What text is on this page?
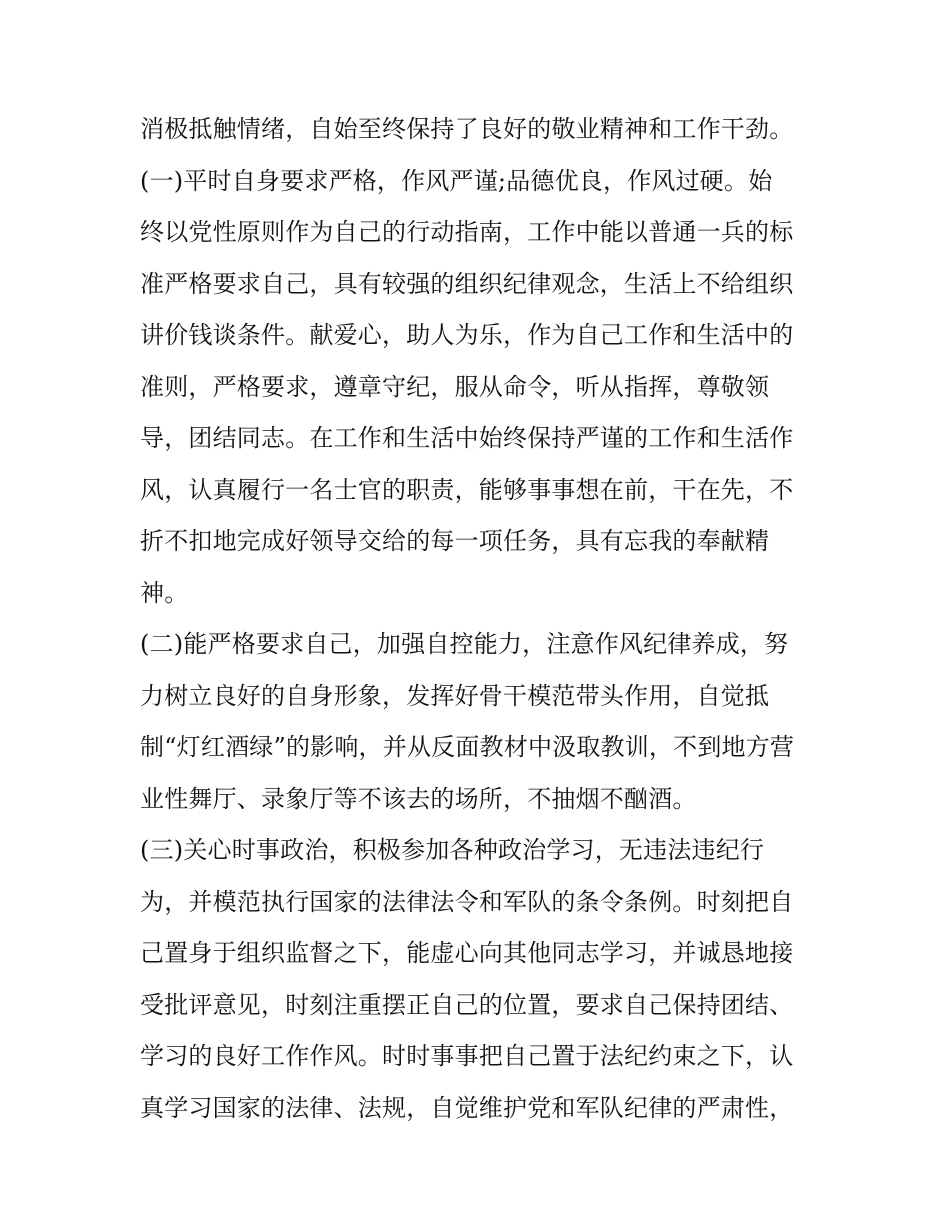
消极抵触情绪，自始至终保持了良好的敬业精神和工作干劲。
(一)平时自身要求严格，作风严谨;品德优良，作风过硬。始
终以党性原则作为自己的行动指南，工作中能以普通一兵的标
准严格要求自己，具有较强的组织纪律观念，生活上不给组织
讲价钱谈条件。献爱心，助人为乐，作为自己工作和生活中的
准则，严格要求，遵章守纪，服从命令，听从指挥，尊敬领
导，团结同志。在工作和生活中始终保持严谨的工作和生活作
风，认真履行一名士官的职责，能够事事想在前，干在先，不
折不扣地完成好领导交给的每一项任务，具有忘我的奉献精
神。
(二)能严格要求自己，加强自控能力，注意作风纪律养成，努
力树立良好的自身形象，发挥好骨干模范带头作用，自觉抵
制“灯红酒绿”的影响，并从反面教材中汲取教训，不到地方营
业性舞厅、录象厅等不该去的场所，不抽烟不酗酒。
(三)关心时事政治，积极参加各种政治学习，无违法违纪行
为，并模范执行国家的法律法令和军队的条令条例。时刻把自
己置身于组织监督之下，能虚心向其他同志学习，并诚恳地接
受批评意见，时刻注重摆正自己的位置，要求自己保持团结、
学习的良好工作作风。时时事事把自己置于法纪约束之下，认
真学习国家的法律、法规，自觉维护党和军队纪律的严肃性，
